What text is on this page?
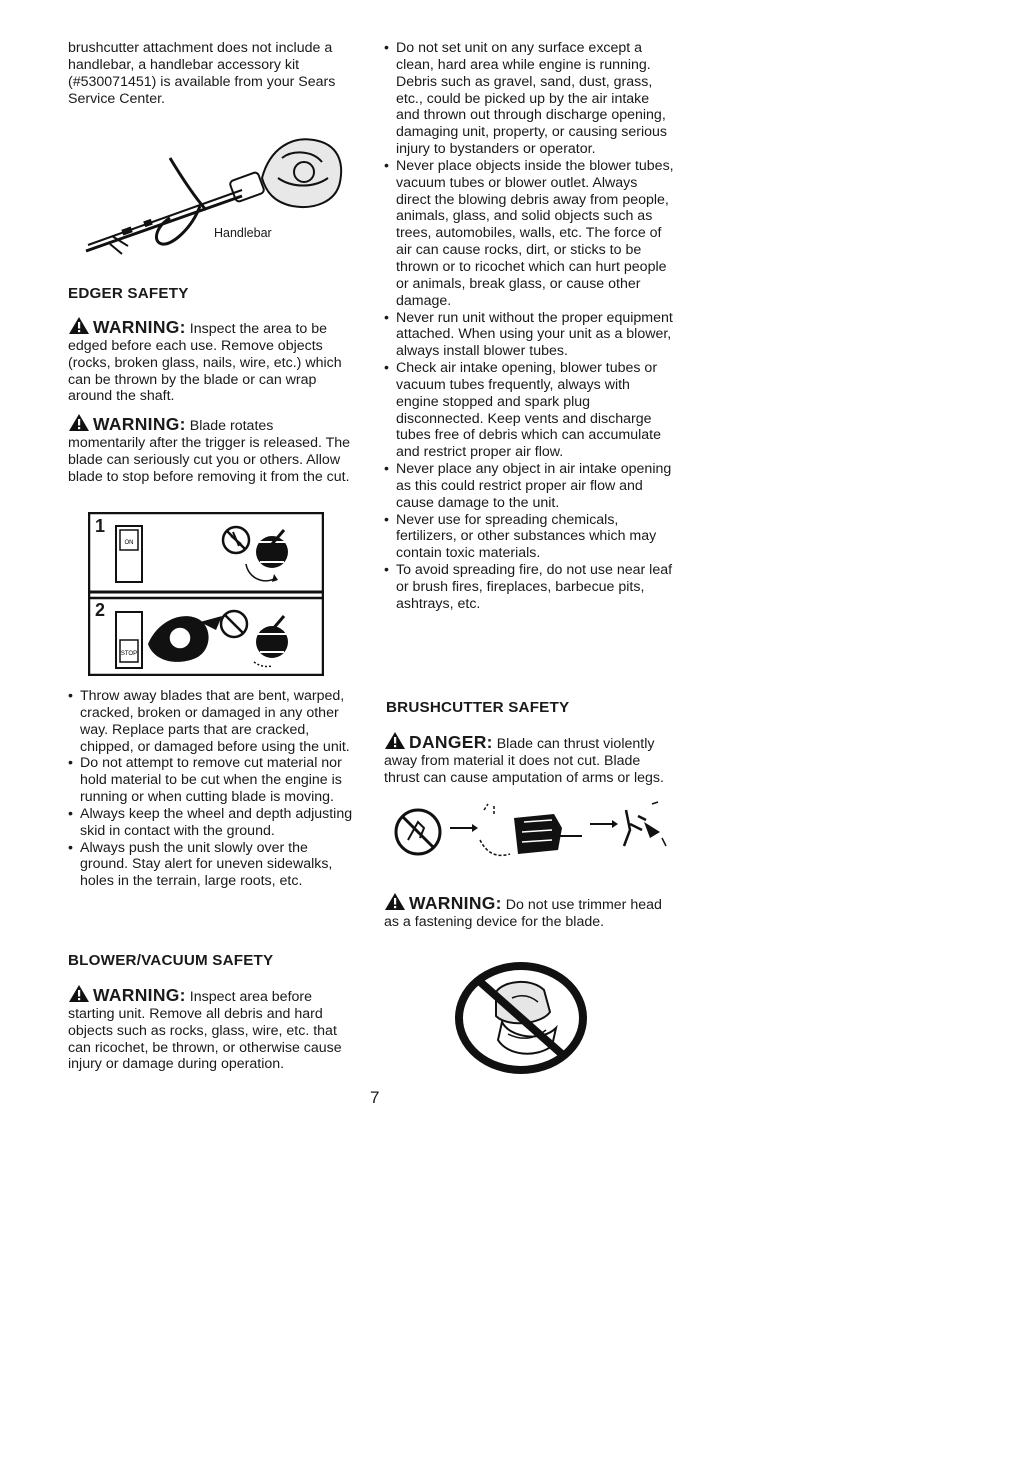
brushcutter attachment does not include a handlebar, a handlebar accessory kit (#530071451) is available from your Sears Service Center.

Handlebar
EDGER SAFETY

WARNING: Inspect the area to be edged before each use. Remove objects (rocks, broken glass, nails, wire, etc.) which can be thrown by the blade or can wrap around the shaft.

WARNING: Blade rotates momentarily after the trigger is released. The blade can seriously cut you or others. Allow blade to stop before removing it from the cut.

ON
STOP
1
2
• Throw away blades that are bent, warped, cracked, broken or damaged in any other way. Replace parts that are cracked, chipped, or damaged before using the unit.
• Do not attempt to remove cut material nor hold material to be cut when the engine is running or when cutting blade is moving.
• Always keep the wheel and depth adjusting skid in contact with the ground.
• Always push the unit slowly over the ground. Stay alert for uneven sidewalks, holes in the terrain, large roots, etc.
BLOWER/VACUUM SAFETY

WARNING: Inspect area before starting unit. Remove all debris and hard objects such as rocks, glass, wire, etc. that can ricochet, be thrown, or otherwise cause injury or damage during operation.

• Do not set unit on any surface except a clean, hard area while engine is running. Debris such as gravel, sand, dust, grass, etc., could be picked up by the air intake and thrown out through discharge opening, damaging unit, property, or causing serious injury to bystanders or operator.
• Never place objects inside the blower tubes, vacuum tubes or blower outlet. Always direct the blowing debris away from people, animals, glass, and solid objects such as trees, automobiles, walls, etc. The force of air can cause rocks, dirt, or sticks to be thrown or to ricochet which can hurt people or animals, break glass, or cause other damage.
• Never run unit without the proper equipment attached. When using your unit as a blower, always install blower tubes.
• Check air intake opening, blower tubes or vacuum tubes frequently, always with engine stopped and spark plug disconnected. Keep vents and discharge tubes free of debris which can accumulate and restrict proper air flow.
• Never place any object in air intake opening as this could restrict proper air flow and cause damage to the unit.
• Never use for spreading chemicals, fertilizers, or other substances which may contain toxic materials.
• To avoid spreading fire, do not use near leaf or brush fires, fireplaces, barbecue pits, ashtrays, etc.
BRUSHCUTTER SAFETY

DANGER: Blade can thrust violently away from material it does not cut. Blade thrust can cause amputation of arms or legs.

WARNING: Do not use trimmer head as a fastening device for the blade.

7
